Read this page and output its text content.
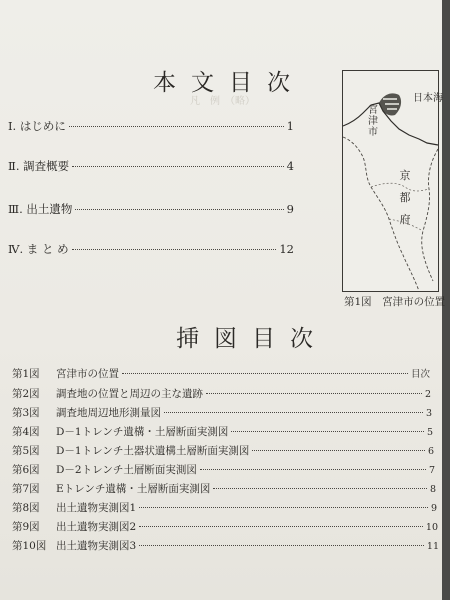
凡　例　（略）
本文目次
Ⅰ. はじめに	1
Ⅱ. 調査概要	4
Ⅲ. 出土遺物	9
Ⅳ. ま と め	12
日本海
宮津市
京都府
第1図　宮津市の位置
挿図目次
第1図	宮津市の位置	目次
第2図	調査地の位置と周辺の主な遺跡	2
第3図	調査地周辺地形測量図	3
第4図	D－1トレンチ遺構・土層断面実測図	5
第5図	D－1トレンチ土器状遺構土層断面実測図	6
第6図	D－2トレンチ土層断面実測図	7
第7図	Eトレンチ遺構・土層断面実測図	8
第8図	出土遺物実測図1	9
第9図	出土遺物実測図2	10
第10図 出土遺物実測図3	11
